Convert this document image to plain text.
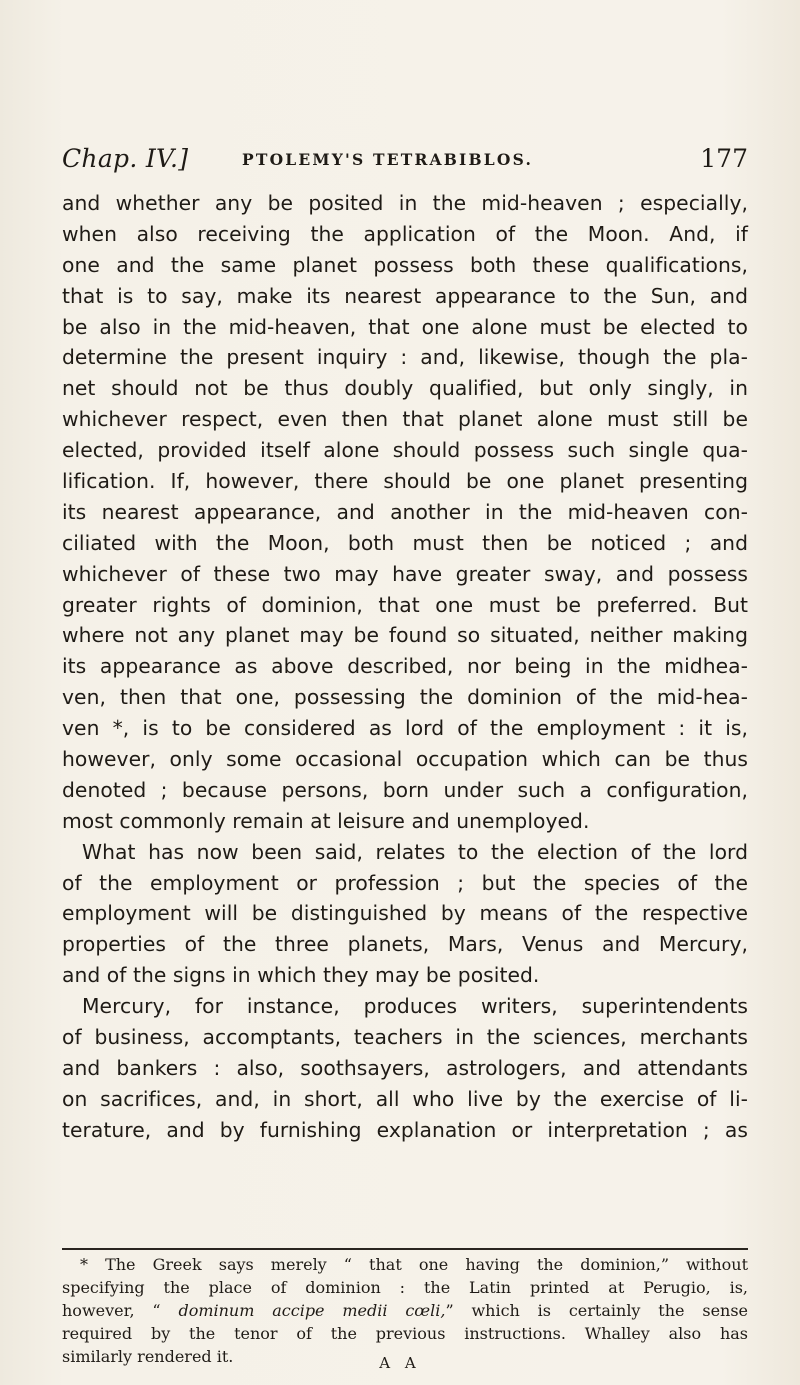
Chap. IV.]	PTOLEMY'S TETRABIBLOS.	177
and whether any be posited in the mid-heaven ; especially,
when also receiving the application of the Moon. And, if
one and the same planet possess both these qualifications,
that is to say, make its nearest appearance to the Sun, and
be also in the mid-heaven, that one alone must be elected to
determine the present inquiry : and, likewise, though the pla-
net should not be thus doubly qualified, but only singly, in
whichever respect, even then that planet alone must still be
elected, provided itself alone should possess such single qua-
lification. If, however, there should be one planet presenting
its nearest appearance, and another in the mid-heaven con-
ciliated with the Moon, both must then be noticed ; and
whichever of these two may have greater sway, and possess
greater rights of dominion, that one must be preferred. But
where not any planet may be found so situated, neither making
its appearance as above described, nor being in the midhea-
ven, then that one, possessing the dominion of the mid-hea-
ven *, is to be considered as lord of the employment : it is,
however, only some occasional occupation which can be thus
denoted ; because persons, born under such a configuration,
most commonly remain at leisure and unemployed.
What has now been said, relates to the election of the lord
of the employment or profession ; but the species of the
employment will be distinguished by means of the respective
properties of the three planets, Mars, Venus and Mercury,
and of the signs in which they may be posited.
Mercury, for instance, produces writers, superintendents
of business, accomptants, teachers in the sciences, merchants
and bankers : also, soothsayers, astrologers, and attendants
on sacrifices, and, in short, all who live by the exercise of li-
terature, and by furnishing explanation or interpretation ; as
* The Greek says merely “ that one having the dominion,” without
specifying the place of dominion : the Latin printed at Perugio, is,
however, “ dominum accipe medii cœli,” which is certainly the sense
required by the tenor of the previous instructions. Whalley also has
similarly rendered it.	A A
